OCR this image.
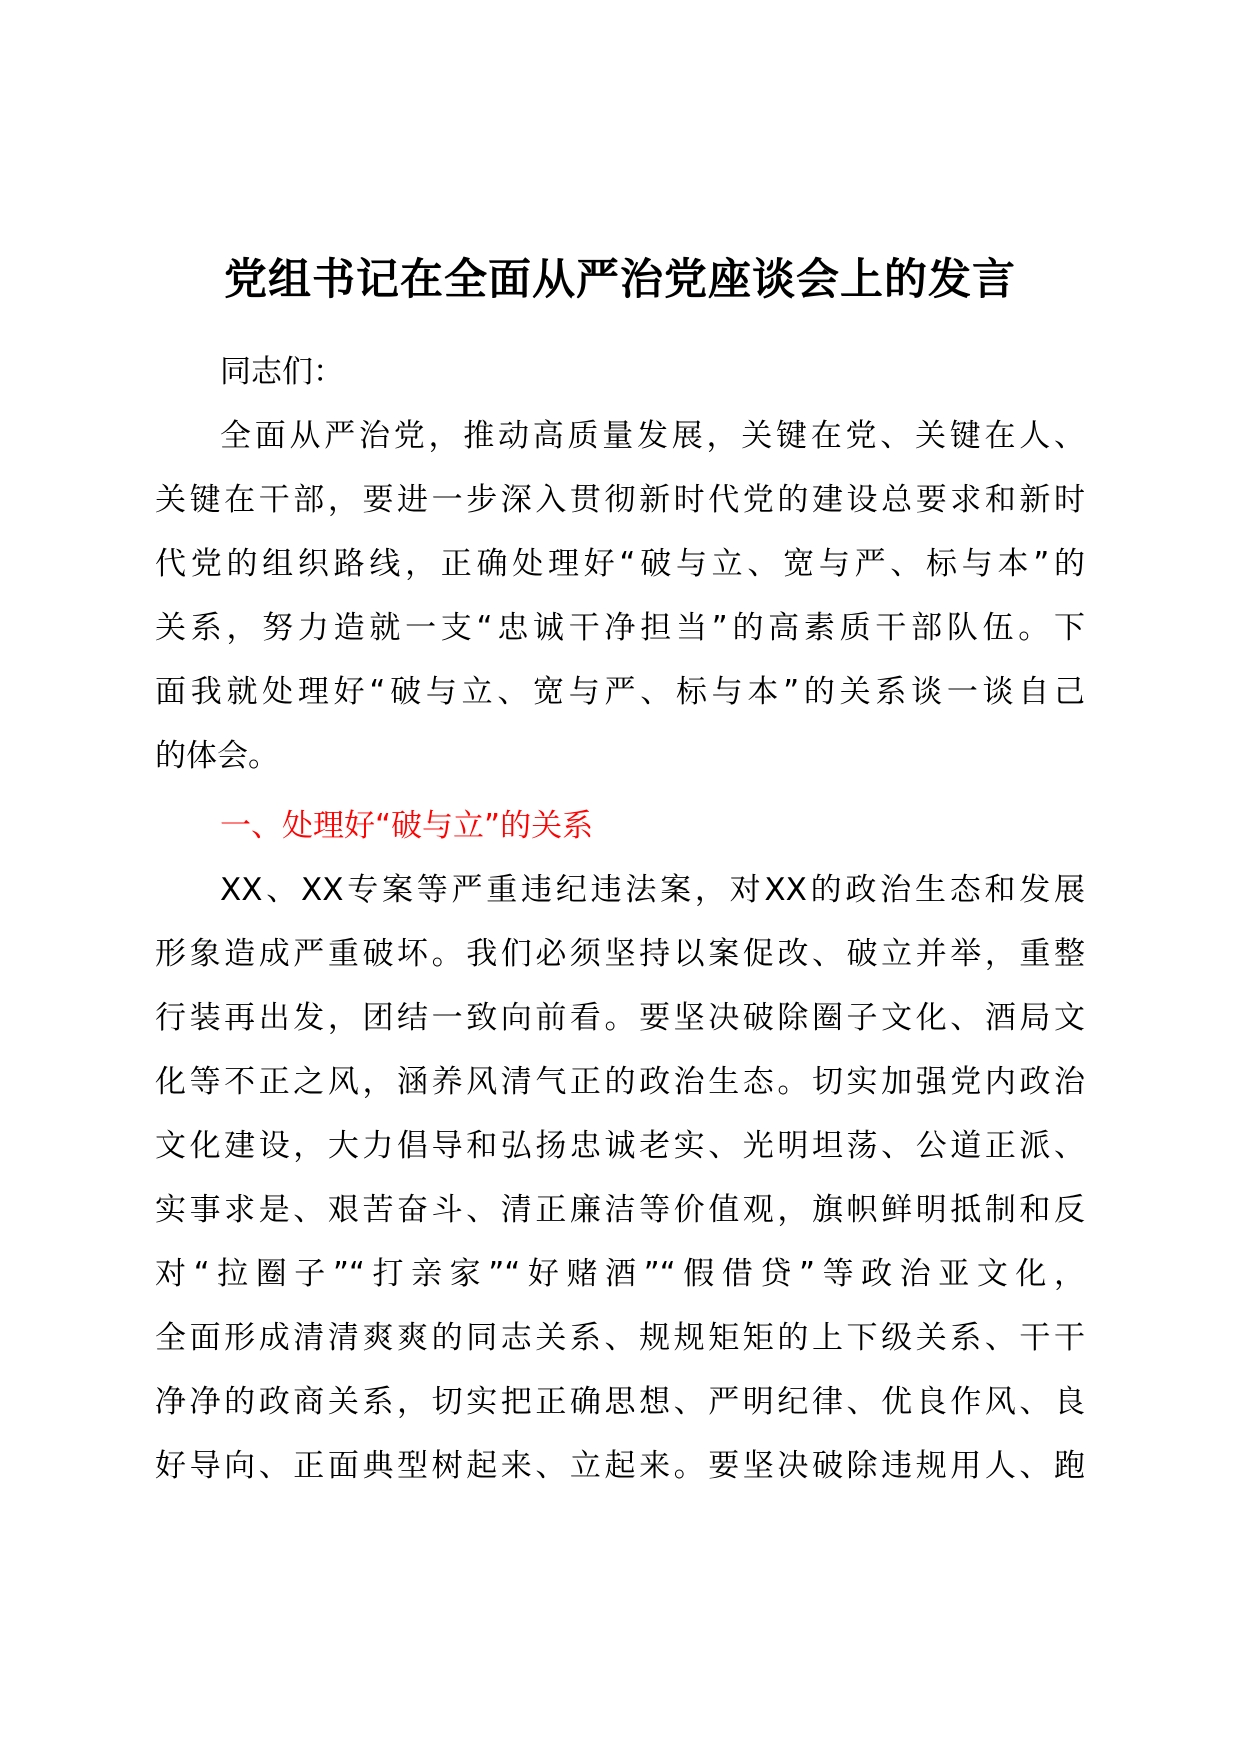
党组书记在全面从严治党座谈会上的发言
同志们：
全面从严治党，推动高质量发展，关键在党、关键在人、
关键在干部，要进一步深入贯彻新时代党的建设总要求和新时
代党的组织路线，正确处理好“破与立、宽与严、标与本”的
关系，努力造就一支“忠诚干净担当”的高素质干部队伍。下
面我就处理好“破与立、宽与严、标与本”的关系谈一谈自己
的体会。
一、处理好“破与立”的关系
XX、XX专案等严重违纪违法案，对XX的政治生态和发展
形象造成严重破坏。我们必须坚持以案促改、破立并举，重整
行装再出发，团结一致向前看。要坚决破除圈子文化、酒局文
化等不正之风，涵养风清气正的政治生态。切实加强党内政治
文化建设，大力倡导和弘扬忠诚老实、光明坦荡、公道正派、
实事求是、艰苦奋斗、清正廉洁等价值观，旗帜鲜明抵制和反
对“拉圈子”“打亲家”“好赌酒”“假借贷”等政治亚文化，
全面形成清清爽爽的同志关系、规规矩矩的上下级关系、干干
净净的政商关系，切实把正确思想、严明纪律、优良作风、良
好导向、正面典型树起来、立起来。要坚决破除违规用人、跑
